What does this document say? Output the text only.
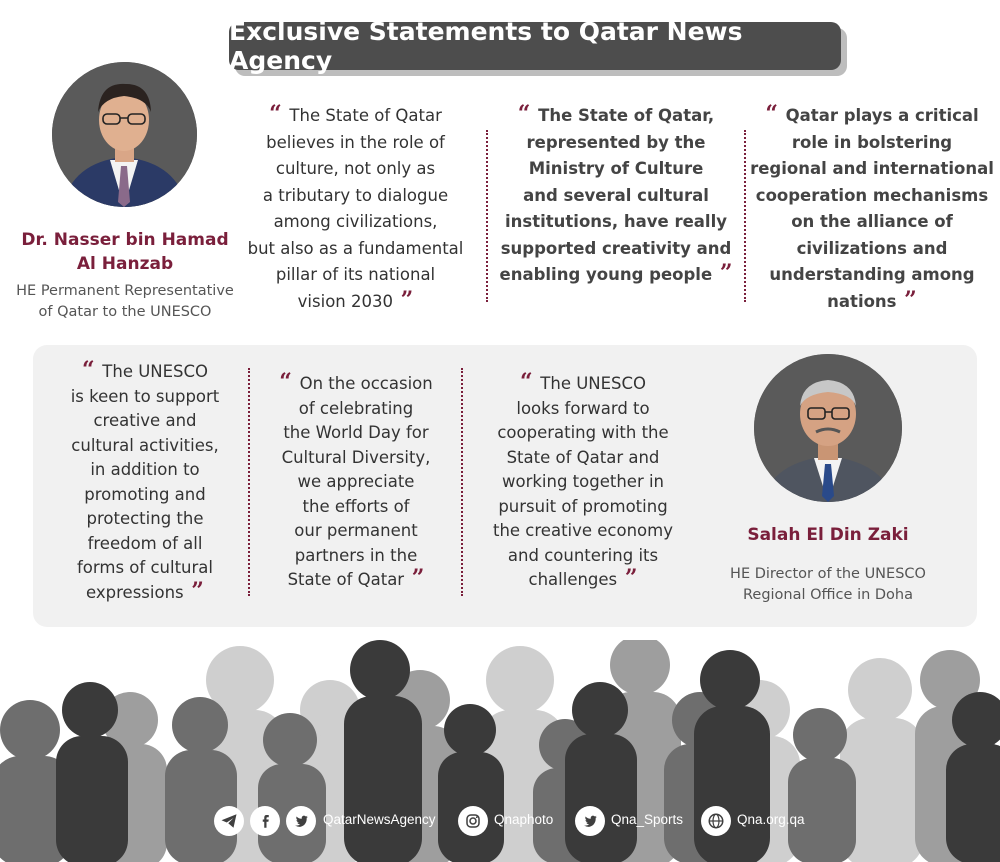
Exclusive Statements to Qatar News Agency
Dr. Nasser bin Hamad
Al Hanzab
HE Permanent Representative
of Qatar to the UNESCO
“ The State of Qatar
believes in the role of
culture, not only as
a tributary to dialogue
among civilizations,
but also as a fundamental
pillar of its national
vision 2030 ”
“ The State of Qatar,
represented by the
Ministry of Culture
and several cultural
institutions, have really
supported creativity and
enabling young people ”
“ Qatar plays a critical
role in bolstering
regional and international
cooperation mechanisms
on the alliance of
civilizations and
understanding among
nations ”
“ The UNESCO
is keen to support
creative and
cultural activities,
in addition to
promoting and
protecting the
freedom of all
forms of cultural
expressions ”
“ On the occasion
of celebrating
the World Day for
Cultural Diversity,
we appreciate
the efforts of
our permanent
partners in the
State of Qatar ”
“ The UNESCO
looks forward to
cooperating with the
State of Qatar and
working together in
pursuit of promoting
the creative economy
and countering its
challenges ”
Salah El Din Zaki
HE Director of the UNESCO
Regional Office in Doha
QatarNewsAgency	Qnaphoto	Qna_Sports	Qna.org.qa
